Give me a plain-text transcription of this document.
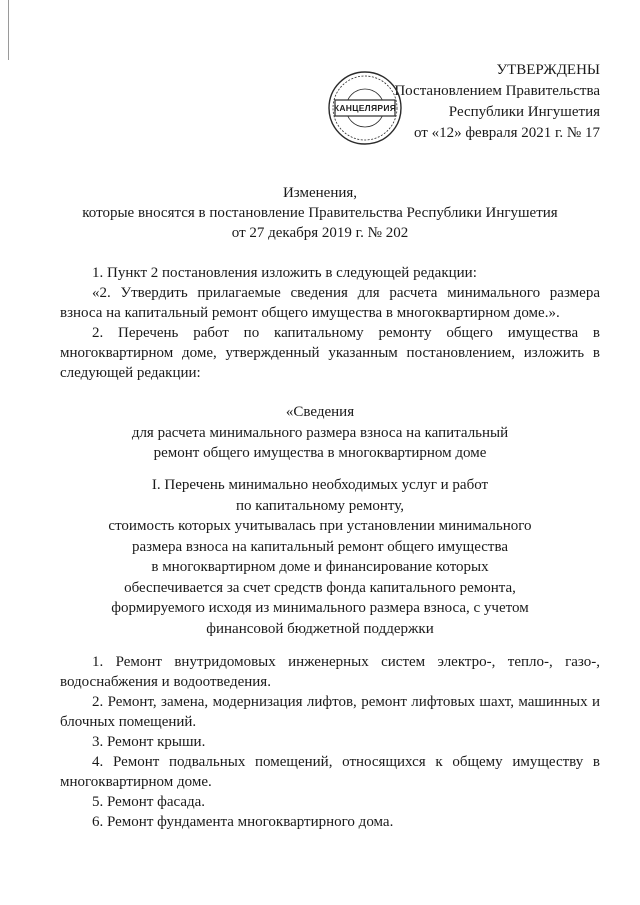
УТВЕРЖДЕНЫ
Постановлением Правительства
Республики Ингушетия
от «12» февраля 2021 г. № 17
КАНЦЕЛЯРИЯ
Изменения,
которые вносятся в постановление Правительства Республики Ингушетия
от 27 декабря 2019 г. № 202

1. Пункт 2 постановления изложить в следующей редакции:

«2. Утвердить прилагаемые сведения для расчета минимального размера взноса на капитальный ремонт общего имущества в многоквартирном доме.».

2. Перечень работ по капитальному ремонту общего имущества в многоквартирном доме, утвержденный указанным постановлением, изложить в следующей редакции:

«Сведения

для расчета минимального размера взноса на капитальный

ремонт общего имущества в многоквартирном доме

I. Перечень минимально необходимых услуг и работ

по капитальному ремонту,

стоимость которых учитывалась при установлении минимального

размера взноса на капитальный ремонт общего имущества

в многоквартирном доме и финансирование которых

обеспечивается за счет средств фонда капитального ремонта,

формируемого исходя из минимального размера взноса, с учетом

финансовой бюджетной поддержки

1. Ремонт внутридомовых инженерных систем электро-, тепло-, газо-, водоснабжения и водоотведения.

2. Ремонт, замена, модернизация лифтов, ремонт лифтовых шахт, машинных и блочных помещений.

3. Ремонт крыши.

4. Ремонт подвальных помещений, относящихся к общему имуществу в многоквартирном доме.

5. Ремонт фасада.

6. Ремонт фундамента многоквартирного дома.
